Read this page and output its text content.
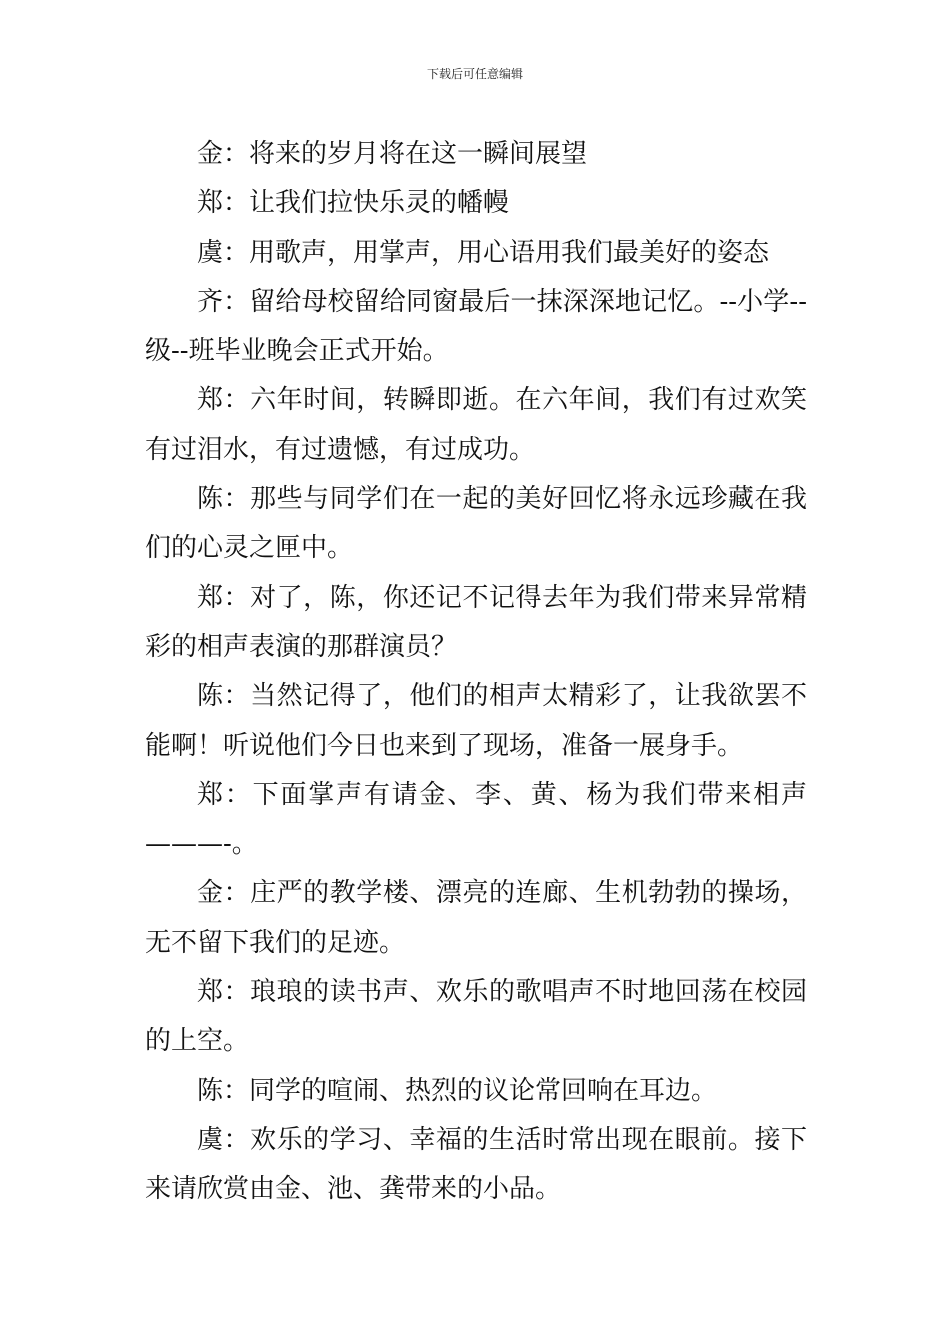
下载后可任意编辑

金：将来的岁月将在这一瞬间展望

郑：让我们拉快乐灵的幡幔

虞：用歌声，用掌声，用心语用我们最美好的姿态

齐：留给母校留给同窗最后一抹深深地记忆。--小学--级--班毕业晚会正式开始。

郑：六年时间，转瞬即逝。在六年间，我们有过欢笑有过泪水，有过遗憾，有过成功。

陈：那些与同学们在一起的美好回忆将永远珍藏在我们的心灵之匣中。

郑：对了，陈，你还记不记得去年为我们带来异常精彩的相声表演的那群演员？

陈：当然记得了，他们的相声太精彩了，让我欲罢不能啊！听说他们今日也来到了现场，准备一展身手。

郑：下面掌声有请金、李、黄、杨为我们带来相声———-。

金：庄严的教学楼、漂亮的连廊、生机勃勃的操场，无不留下我们的足迹。

郑：琅琅的读书声、欢乐的歌唱声不时地回荡在校园的上空。

陈：同学的喧闹、热烈的议论常回响在耳边。

虞：欢乐的学习、幸福的生活时常出现在眼前。接下来请欣赏由金、池、龚带来的小品。
